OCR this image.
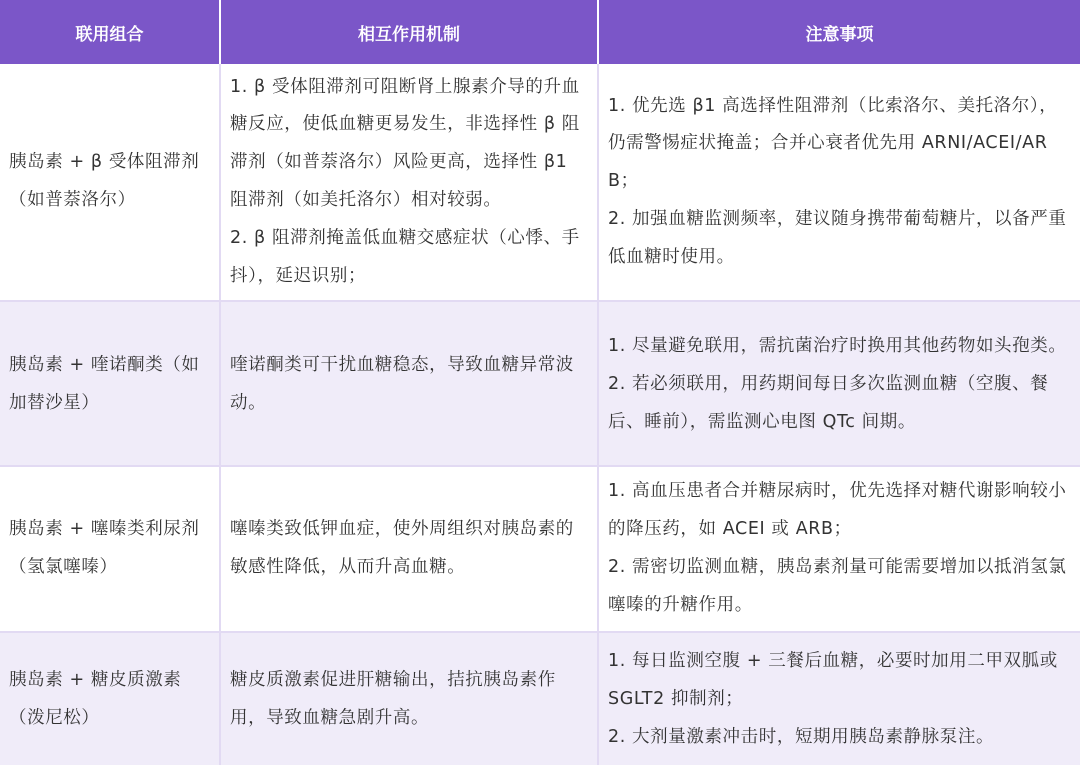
联用组合	相互作用机制	注意事项
胰岛素 + β 受体阻滞剂（如普萘洛尔）
1. β 受体阻滞剂可阻断肾上腺素介导的升血糖反应，使低血糖更易发生，非选择性 β 阻滞剂（如普萘洛尔）风险更高，选择性 β1 阻滞剂（如美托洛尔）相对较弱。
2. β 阻滞剂掩盖低血糖交感症状（心悸、手抖），延迟识别；
1. 优先选 β1 高选择性阻滞剂（比索洛尔、美托洛尔），仍需警惕症状掩盖；合并心衰者优先用 ARNI/ACEI/ARB；
2. 加强血糖监测频率，建议随身携带葡萄糖片，以备严重低血糖时使用。
胰岛素 + 喹诺酮类（如加替沙星）
喹诺酮类可干扰血糖稳态，导致血糖异常波动。
1. 尽量避免联用，需抗菌治疗时换用其他药物如头孢类。
2. 若必须联用，用药期间每日多次监测血糖（空腹、餐后、睡前），需监测心电图 QTc 间期。
胰岛素 + 噻嗪类利尿剂（氢氯噻嗪）
噻嗪类致低钾血症，使外周组织对胰岛素的敏感性降低，从而升高血糖。
1. 高血压患者合并糖尿病时，优先选择对糖代谢影响较小的降压药，如 ACEI 或 ARB；
2. 需密切监测血糖，胰岛素剂量可能需要增加以抵消氢氯噻嗪的升糖作用。
胰岛素 + 糖皮质激素（泼尼松）
糖皮质激素促进肝糖输出，拮抗胰岛素作用，导致血糖急剧升高。
1. 每日监测空腹 + 三餐后血糖，必要时加用二甲双胍或 SGLT2 抑制剂；
2. 大剂量激素冲击时，短期用胰岛素静脉泵注。
